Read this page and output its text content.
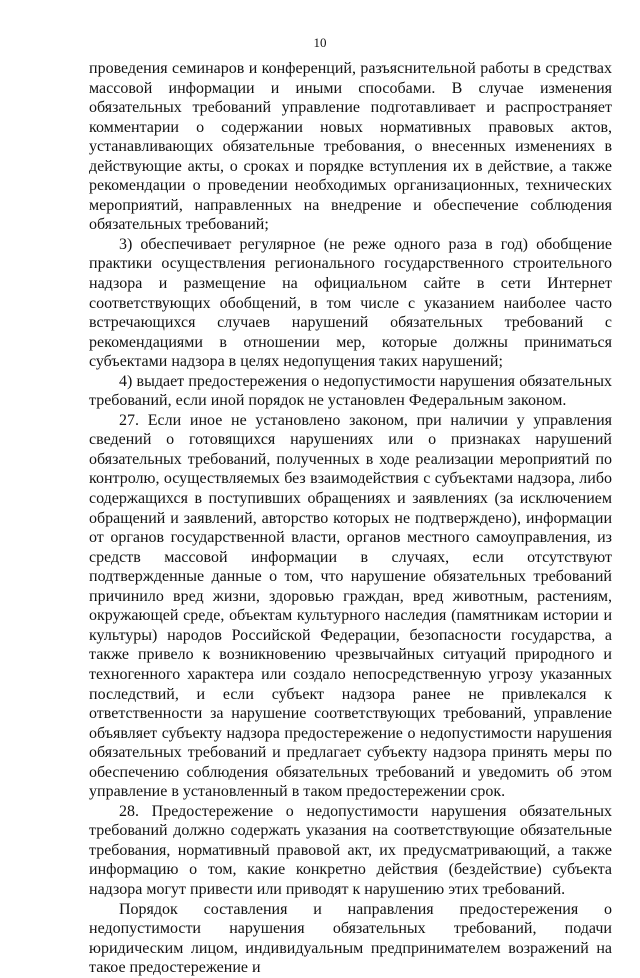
10

проведения семинаров и конференций, разъяснительной работы в средствах массовой информации и иными способами. В случае изменения обязательных требований управление подготавливает и распространяет комментарии о содержании новых нормативных правовых актов, устанавливающих обязательные требования, о внесенных изменениях в действующие акты, о сроках и порядке вступления их в действие, а также рекомендации о проведении необходимых организационных, технических мероприятий, направленных на внедрение и обеспечение соблюдения обязательных требований;

3) обеспечивает регулярное (не реже одного раза в год) обобщение практики осуществления регионального государственного строительного надзора и размещение на официальном сайте в сети Интернет соответствующих обобщений, в том числе с указанием наиболее часто встречающихся случаев нарушений обязательных требований с рекомендациями в отношении мер, которые должны приниматься субъектами надзора в целях недопущения таких нарушений;

4) выдает предостережения о недопустимости нарушения обязательных требований, если иной порядок не установлен Федеральным законом.

27. Если иное не установлено законом, при наличии у управления сведений о готовящихся нарушениях или о признаках нарушений обязательных требований, полученных в ходе реализации мероприятий по контролю, осуществляемых без взаимодействия с субъектами надзора, либо содержащихся в поступивших обращениях и заявлениях (за исключением обращений и заявлений, авторство которых не подтверждено), информации от органов государственной власти, органов местного самоуправления, из средств массовой информации в случаях, если отсутствуют подтвержденные данные о том, что нарушение обязательных требований причинило вред жизни, здоровью граждан, вред животным, растениям, окружающей среде, объектам культурного наследия (памятникам истории и культуры) народов Российской Федерации, безопасности государства, а также привело к возникновению чрезвычайных ситуаций природного и техногенного характера или создало непосредственную угрозу указанных последствий, и если субъект надзора ранее не привлекался к ответственности за нарушение соответствующих требований, управление объявляет субъекту надзора предостережение о недопустимости нарушения обязательных требований и предлагает субъекту надзора принять меры по обеспечению соблюдения обязательных требований и уведомить об этом управление в установленный в таком предостережении срок.

28. Предостережение о недопустимости нарушения обязательных требований должно содержать указания на соответствующие обязательные требования, нормативный правовой акт, их предусматривающий, а также информацию о том, какие конкретно действия (бездействие) субъекта надзора могут привести или приводят к нарушению этих требований.

Порядок составления и направления предостережения о недопустимости нарушения обязательных требований, подачи юридическим лицом, индивидуальным предпринимателем возражений на такое предостережение и
